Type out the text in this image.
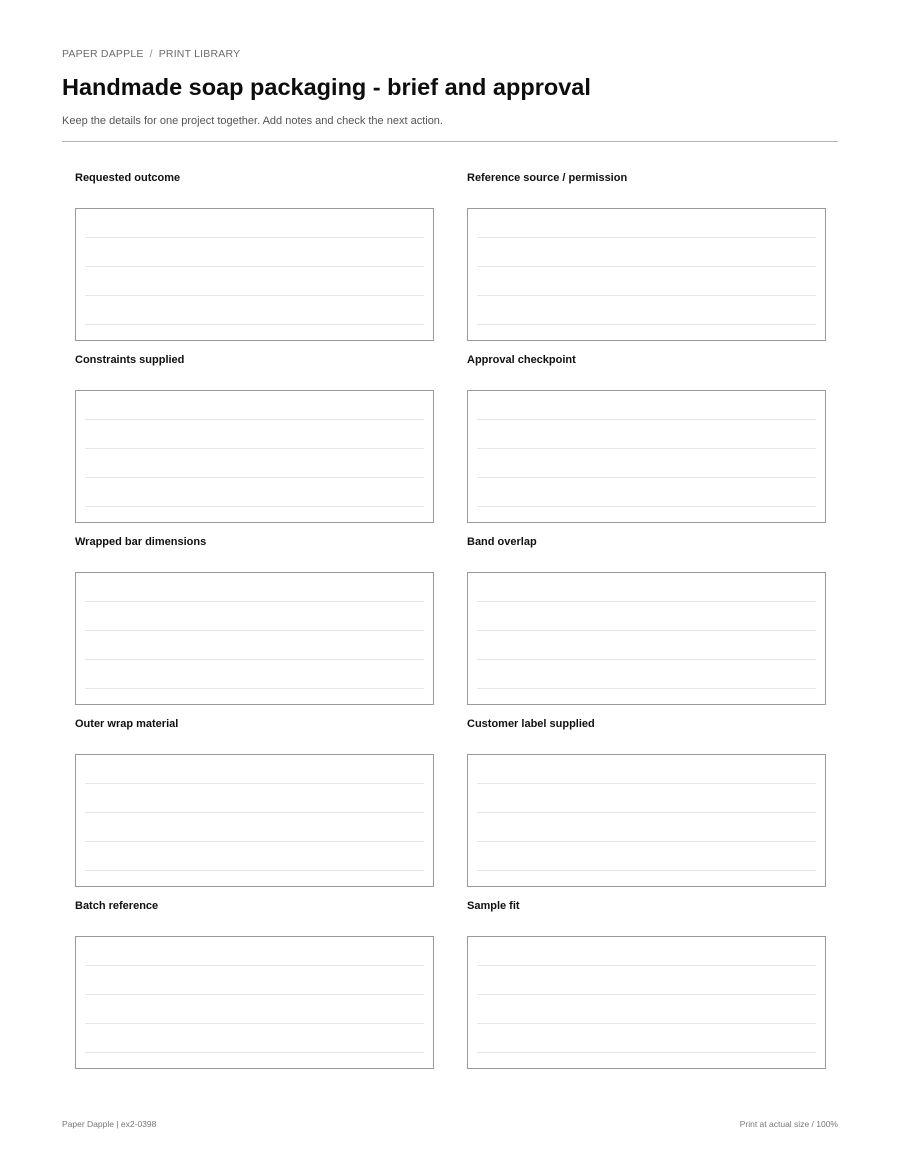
PAPER DAPPLE / PRINT LIBRARY
Handmade soap packaging - brief and approval
Keep the details for one project together. Add notes and check the next action.
Requested outcome	Reference source / permission
Constraints supplied	Approval checkpoint
Wrapped bar dimensions	Band overlap
Outer wrap material	Customer label supplied
Batch reference	Sample fit
Paper Dapple | ex2-0398	Print at actual size / 100%
